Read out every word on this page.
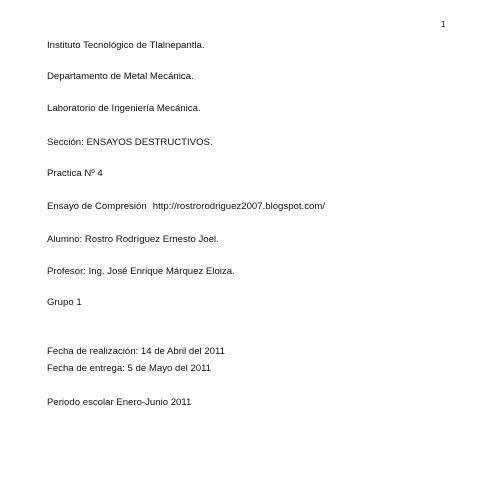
1
Instituto Tecnológico de Tlalnepantla.
Departamento de Metal Mecánica.
Laboratorio de Ingeniería Mecánica.
Sección: ENSAYOS DESTRUCTIVOS.
Practica Nº 4
Ensayo de Compresión http://rostrorodriguez2007.blogspot.com/
Alumno: Rostro Rodríguez Ernesto Joel.
Profesor: Ing. José Enrique Márquez Eloiza.
Grupo 1
Fecha de realización: 14 de Abril del 2011
Fecha de entrega: 5 de Mayo del 2011
Periodo escolar Enero-Junio 2011
